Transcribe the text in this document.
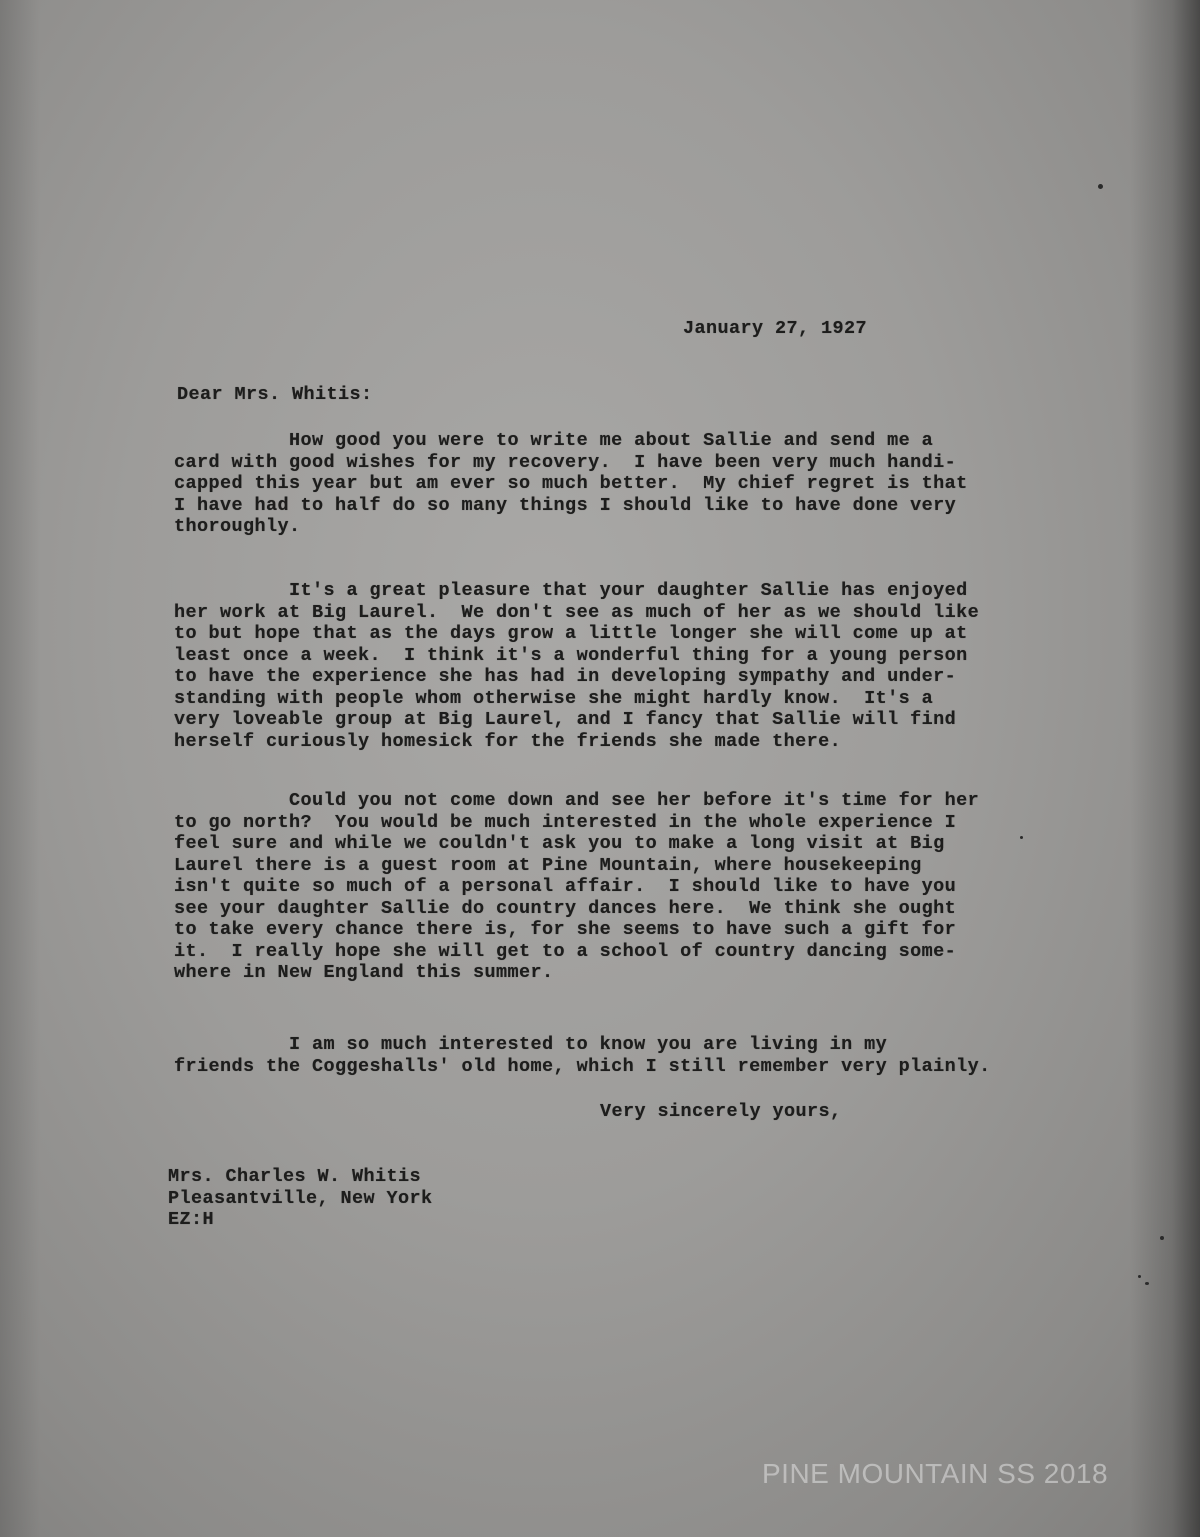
January 27, 1927
Dear Mrs. Whitis:
How good you were to write me about Sallie and send me a
card with good wishes for my recovery.  I have been very much handi-
capped this year but am ever so much better.  My chief regret is that
I have had to half do so many things I should like to have done very
thoroughly.
It's a great pleasure that your daughter Sallie has enjoyed
her work at Big Laurel.  We don't see as much of her as we should like
to but hope that as the days grow a little longer she will come up at
least once a week.  I think it's a wonderful thing for a young person
to have the experience she has had in developing sympathy and under-
standing with people whom otherwise she might hardly know.  It's a
very loveable group at Big Laurel, and I fancy that Sallie will find
herself curiously homesick for the friends she made there.
Could you not come down and see her before it's time for her
to go north?  You would be much interested in the whole experience I
feel sure and while we couldn't ask you to make a long visit at Big
Laurel there is a guest room at Pine Mountain, where housekeeping
isn't quite so much of a personal affair.  I should like to have you
see your daughter Sallie do country dances here.  We think she ought
to take every chance there is, for she seems to have such a gift for
it.  I really hope she will get to a school of country dancing some-
where in New England this summer.
I am so much interested to know you are living in my
friends the Coggeshalls' old home, which I still remember very plainly.
Very sincerely yours,
Mrs. Charles W. Whitis
Pleasantville, New York
EZ:H
PINE MOUNTAIN SS 2018
